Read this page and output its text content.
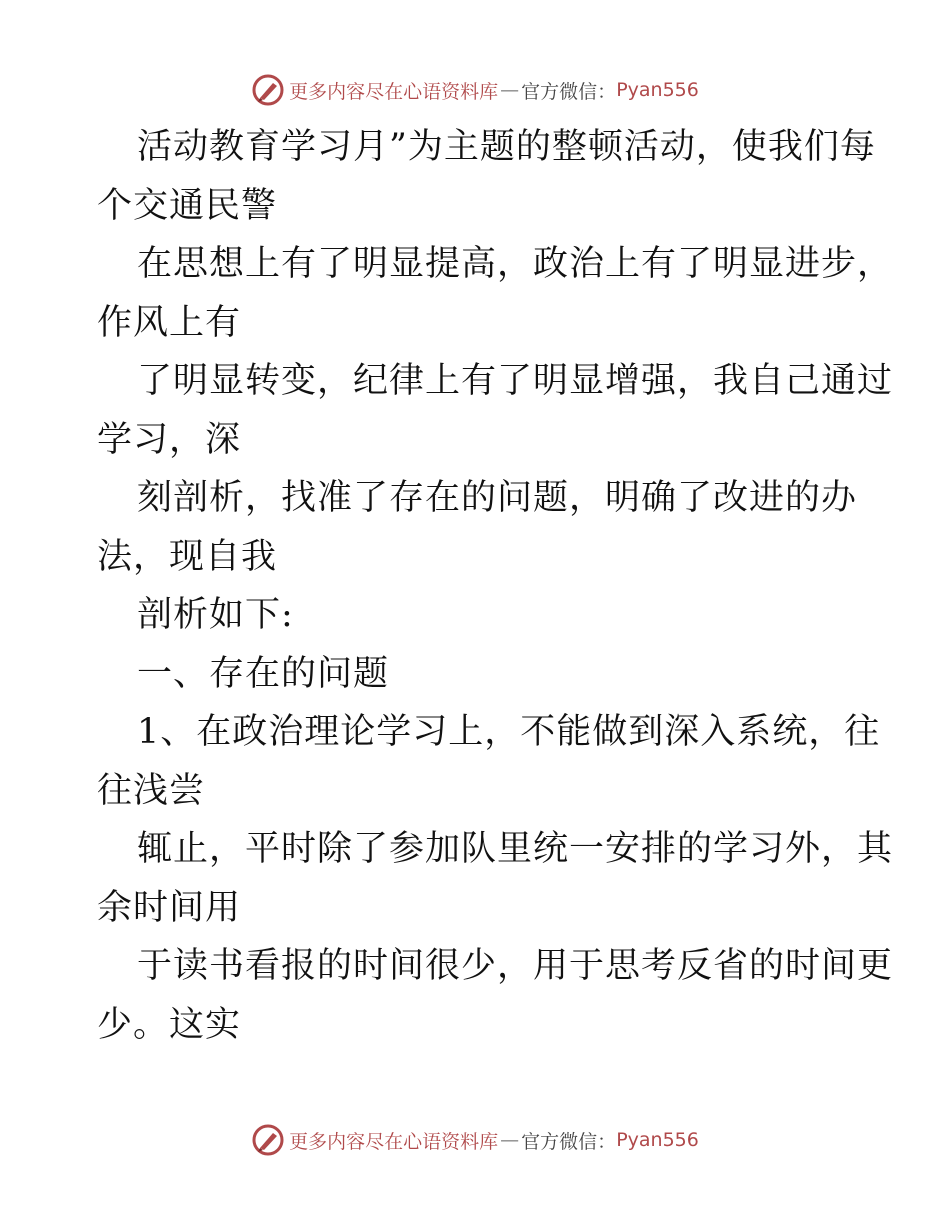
更多内容尽在心语资料库 — 官方微信： Pyan556
活动教育学习月”为主题的整顿活动，使我们每
个交通民警
在思想上有了明显提高，政治上有了明显进步，
作风上有
了明显转变，纪律上有了明显增强，我自己通过
学习，深
刻剖析，找准了存在的问题，明确了改进的办
法，现自我
剖析如下:
一、存在的问题
1、在政治理论学习上，不能做到深入系统，往
往浅尝
辄止，平时除了参加队里统一安排的学习外，其
余时间用
于读书看报的时间很少，用于思考反省的时间更
少。这实
更多内容尽在心语资料库 — 官方微信： Pyan556
